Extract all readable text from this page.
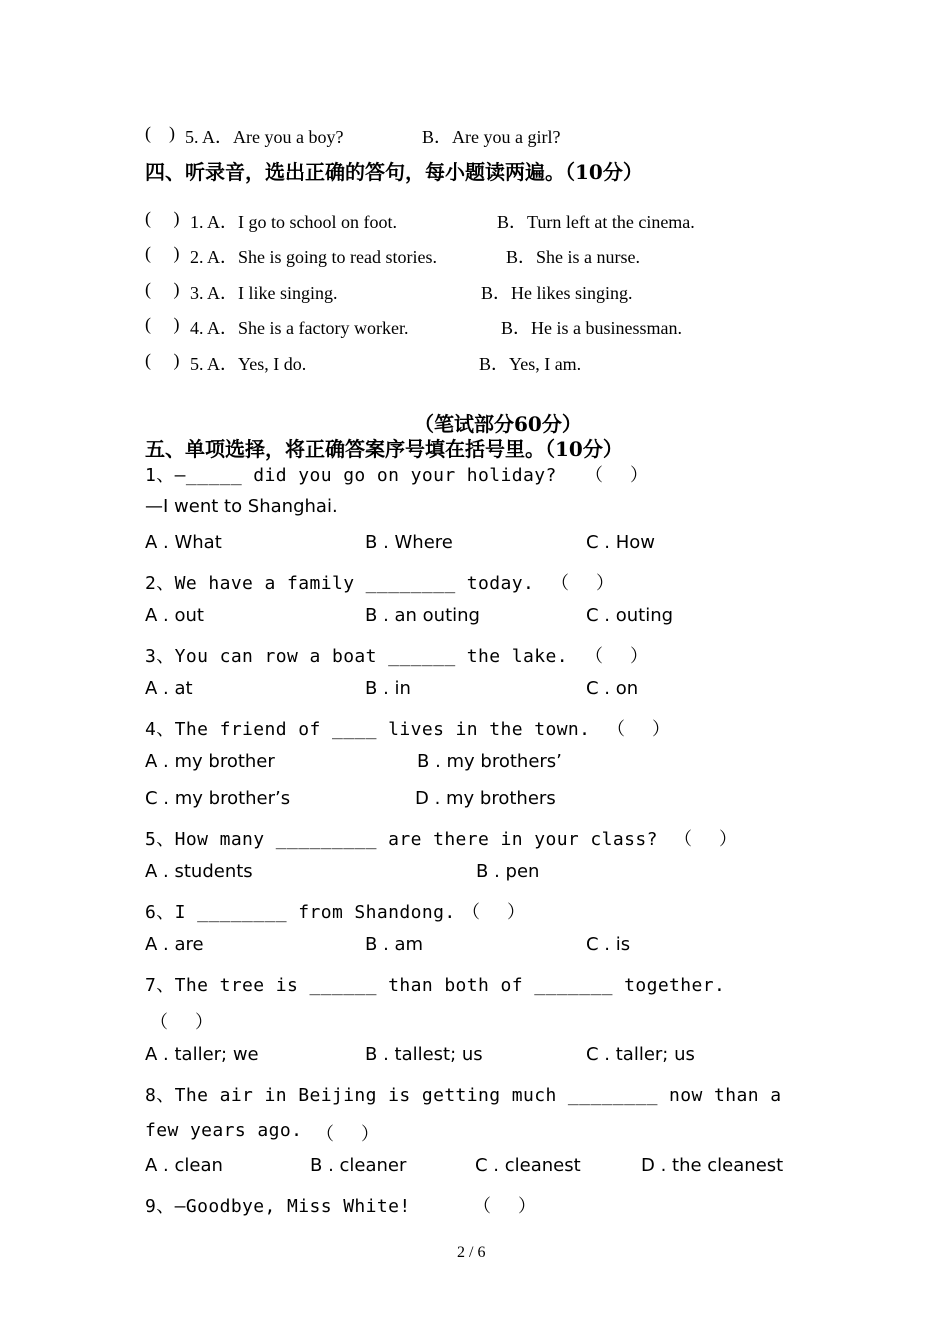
(    ) 5. A．Are you a boy?	B．Are you a girl?
四、听录音，选出正确的答句，每小题读两遍。（10分）
(     ) 1. A．I go to school on foot.	B．Turn left at the cinema.
(     ) 2. A．She is going to read stories.	B．She is a nurse.
(     ) 3. A．I like singing.	B．He likes singing.
(     ) 4. A．She is a factory worker.	B．He is a businessman.
(     ) 5. A．Yes, I do.	B．Yes, I am.
（笔试部分60分）
五、单项选择，将正确答案序号填在括号里。（10分）
1、—_____ did you go on your holiday? （      ）
—I went to Shanghai.
A . What	B . Where	C . How
2、We have a family ________ today. （      ）
A . out	B . an outing	C . outing
3、You can row a boat ______ the lake. （      ）
A . at	B . in	C . on
4、The friend of ____ lives in the town. （      ）
A . my brother	B . my brothers’
C . my brother’s	D . my brothers
5、How many _________ are there in your class? （      ）
A . students	B . pen
6、I ________ from Shandong. （      ）
A . are	B . am	C . is
7、The tree is ______ than both of _______ together.
（      ）
A . taller; we	B . tallest; us	C . taller; us
8、The air in Beijing is getting much ________ now than a
few years ago. （      ）
A . clean	B . cleaner	C . cleanest	D . the cleanest
9、—Goodbye, Miss White!	（      ）
2 / 6
